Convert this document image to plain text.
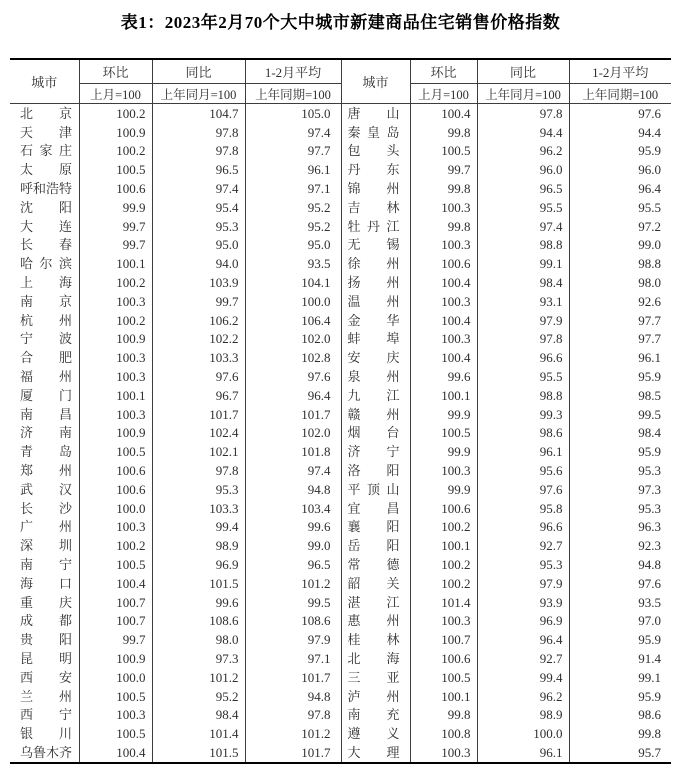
表1：2023年2月70个大中城市新建商品住宅销售价格指数
城市	环比	同比	1-2月平均	城市	环比	同比	1-2月平均
	上月=100	上年同月=100	上年同期=100		上月=100	上年同月=100	上年同期=100
北京	100.2	104.7	105.0	唐山	100.4	97.8	97.6
天津	100.9	97.8	97.4	秦皇岛	99.8	94.4	94.4
石家庄	100.2	97.8	97.7	包头	100.5	96.2	95.9
太原	100.5	96.5	96.1	丹东	99.7	96.0	96.0
呼和浩特	100.6	97.4	97.1	锦州	99.8	96.5	96.4
沈阳	99.9	95.4	95.2	吉林	100.3	95.5	95.5
大连	99.7	95.3	95.2	牡丹江	99.8	97.4	97.2
长春	99.7	95.0	95.0	无锡	100.3	98.8	99.0
哈尔滨	100.1	94.0	93.5	徐州	100.6	99.1	98.8
上海	100.2	103.9	104.1	扬州	100.4	98.4	98.0
南京	100.3	99.7	100.0	温州	100.3	93.1	92.6
杭州	100.2	106.2	106.4	金华	100.4	97.9	97.7
宁波	100.9	102.2	102.0	蚌埠	100.3	97.8	97.7
合肥	100.3	103.3	102.8	安庆	100.4	96.6	96.1
福州	100.3	97.6	97.6	泉州	99.6	95.5	95.9
厦门	100.1	96.7	96.4	九江	100.1	98.8	98.5
南昌	100.3	101.7	101.7	赣州	99.9	99.3	99.5
济南	100.9	102.4	102.0	烟台	100.5	98.6	98.4
青岛	100.5	102.1	101.8	济宁	99.9	96.1	95.9
郑州	100.6	97.8	97.4	洛阳	100.3	95.6	95.3
武汉	100.6	95.3	94.8	平顶山	99.9	97.6	97.3
长沙	100.0	103.3	103.4	宜昌	100.6	95.8	95.3
广州	100.3	99.4	99.6	襄阳	100.2	96.6	96.3
深圳	100.2	98.9	99.0	岳阳	100.1	92.7	92.3
南宁	100.5	96.9	96.5	常德	100.2	95.3	94.8
海口	100.4	101.5	101.2	韶关	100.2	97.9	97.6
重庆	100.7	99.6	99.5	湛江	101.4	93.9	93.5
成都	100.7	108.6	108.6	惠州	100.3	96.9	97.0
贵阳	99.7	98.0	97.9	桂林	100.7	96.4	95.9
昆明	100.9	97.3	97.1	北海	100.6	92.7	91.4
西安	100.0	101.2	101.7	三亚	100.5	99.4	99.1
兰州	100.5	95.2	94.8	泸州	100.1	96.2	95.9
西宁	100.3	98.4	97.8	南充	99.8	98.9	98.6
银川	100.5	101.4	101.2	遵义	100.8	100.0	99.8
乌鲁木齐	100.4	101.5	101.7	大理	100.3	96.1	95.7
